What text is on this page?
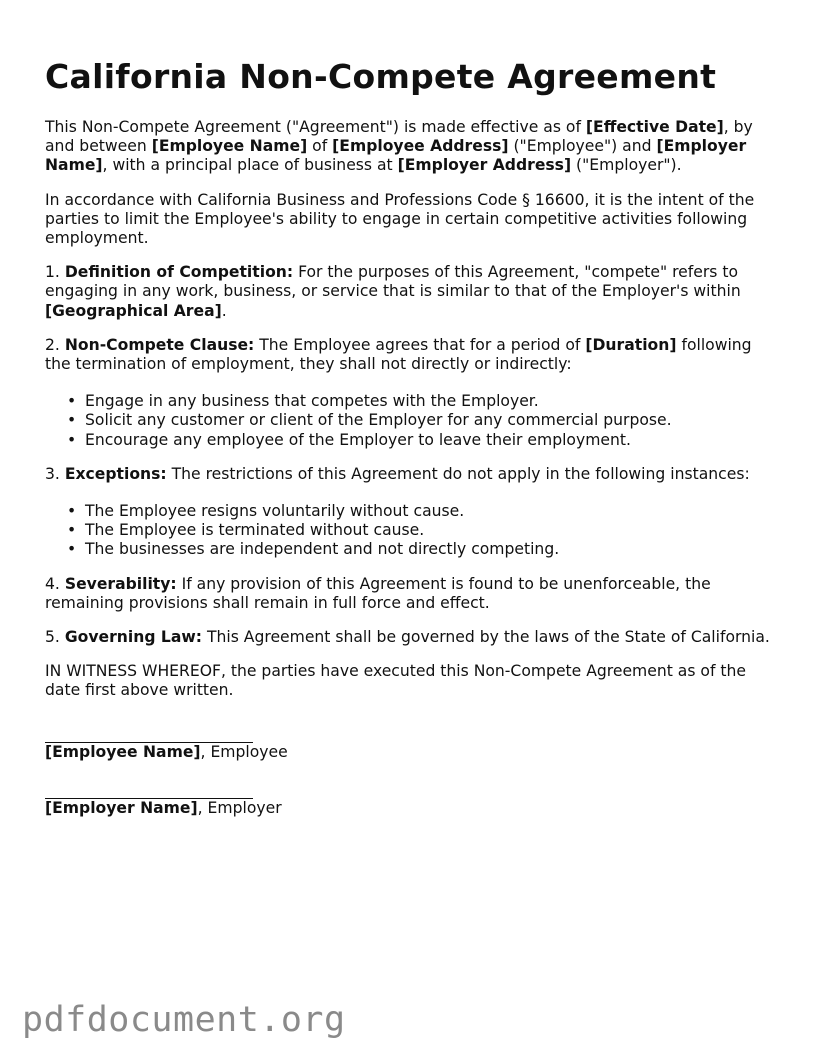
California Non-Compete Agreement

This Non-Compete Agreement ("Agreement") is made effective as of [Effective Date], by and between [Employee Name] of [Employee Address] ("Employee") and [Employer Name], with a principal place of business at [Employer Address] ("Employer").

In accordance with California Business and Professions Code § 16600, it is the intent of the parties to limit the Employee's ability to engage in certain competitive activities following employment.

1. Definition of Competition: For the purposes of this Agreement, "compete" refers to engaging in any work, business, or service that is similar to that of the Employer's within [Geographical Area].

2. Non-Compete Clause: The Employee agrees that for a period of [Duration] following the termination of employment, they shall not directly or indirectly:

• Engage in any business that competes with the Employer.
• Solicit any customer or client of the Employer for any commercial purpose.
• Encourage any employee of the Employer to leave their employment.

3. Exceptions: The restrictions of this Agreement do not apply in the following instances:

• The Employee resigns voluntarily without cause.
• The Employee is terminated without cause.
• The businesses are independent and not directly competing.

4. Severability: If any provision of this Agreement is found to be unenforceable, the remaining provisions shall remain in full force and effect.

5. Governing Law: This Agreement shall be governed by the laws of the State of California.

IN WITNESS WHEREOF, the parties have executed this Non-Compete Agreement as of the date first above written.

[Employee Name], Employee
[Employer Name], Employer
pdfdocument.org
